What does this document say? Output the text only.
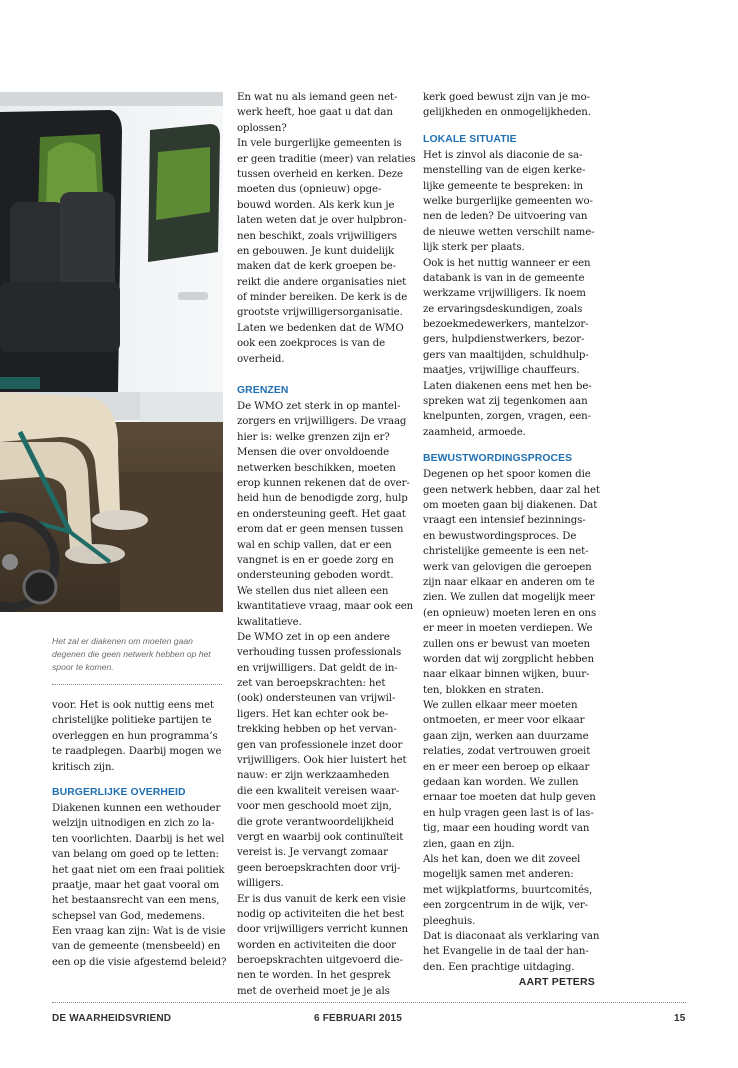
Het zal er diakenen om moeten gaan
degenen die geen netwerk hebben op het
spoor te komen.
voor. Het is ook nuttig eens met
christelijke politieke partijen te
overleggen en hun programma’s
te raadplegen. Daarbij mogen we
kritisch zijn.
BURGERLIJKE OVERHEID
Diakenen kunnen een wethouder
welzijn uitnodigen en zich zo la-
ten voorlichten. Daarbij is het wel
van belang om goed op te letten:
het gaat niet om een fraai politiek
praatje, maar het gaat vooral om
het bestaansrecht van een mens,
schepsel van God, medemens.
Een vraag kan zijn: Wat is de visie
van de gemeente (mensbeeld) en
een op die visie afgestemd beleid?
En wat nu als iemand geen net-
werk heeft, hoe gaat u dat dan
oplossen?
In vele burgerlijke gemeenten is
er geen traditie (meer) van relaties
tussen overheid en kerken. Deze
moeten dus (opnieuw) opge-
bouwd worden. Als kerk kun je
laten weten dat je over hulpbron-
nen beschikt, zoals vrijwilligers
en gebouwen. Je kunt duidelijk
maken dat de kerk groepen be-
reikt die andere organisaties niet
of minder bereiken. De kerk is de
grootste vrijwilligersorganisatie.
Laten we bedenken dat de WMO
ook een zoekproces is van de
overheid.
GRENZEN
De WMO zet sterk in op mantel-
zorgers en vrijwilligers. De vraag
hier is: welke grenzen zijn er?
Mensen die over onvoldoende
netwerken beschikken, moeten
erop kunnen rekenen dat de over-
heid hun de benodigde zorg, hulp
en ondersteuning geeft. Het gaat
erom dat er geen mensen tussen
wal en schip vallen, dat er een
vangnet is en er goede zorg en
ondersteuning geboden wordt.
We stellen dus niet alleen een
kwantitatieve vraag, maar ook een
kwalitatieve.
De WMO zet in op een andere
verhouding tussen professionals
en vrijwilligers. Dat geldt de in-
zet van beroepskrachten: het
(ook) ondersteunen van vrijwil-
ligers. Het kan echter ook be-
trekking hebben op het vervan-
gen van professionele inzet door
vrijwilligers. Ook hier luistert het
nauw: er zijn werkzaamheden
die een kwaliteit vereisen waar-
voor men geschoold moet zijn,
die grote verantwoordelijkheid
vergt en waarbij ook continuïteit
vereist is. Je vervangt zomaar
geen beroepskrachten door vrij-
willigers.
Er is dus vanuit de kerk een visie
nodig op activiteiten die het best
door vrijwilligers verricht kunnen
worden en activiteiten die door
beroepskrachten uitgevoerd die-
nen te worden. In het gesprek
met de overheid moet je je als
kerk goed bewust zijn van je mo-
gelijkheden en onmogelijkheden.
LOKALE SITUATIE
Het is zinvol als diaconie de sa-
menstelling van de eigen kerke-
lijke gemeente te bespreken: in
welke burgerlijke gemeenten wo-
nen de leden? De uitvoering van
de nieuwe wetten verschilt name-
lijk sterk per plaats.
Ook is het nuttig wanneer er een
databank is van in de gemeente
werkzame vrijwilligers. Ik noem
ze ervaringsdeskundigen, zoals
bezoekmedewerkers, mantelzor-
gers, hulpdienstwerkers, bezor-
gers van maaltijden, schuldhulp-
maatjes, vrijwillige chauffeurs.
Laten diakenen eens met hen be-
spreken wat zij tegenkomen aan
knelpunten, zorgen, vragen, een-
zaamheid, armoede.
BEWUSTWORDINGSPROCES
Degenen op het spoor komen die
geen netwerk hebben, daar zal het
om moeten gaan bij diakenen. Dat
vraagt een intensief bezinnings-
en bewustwordingsproces. De
christelijke gemeente is een net-
werk van gelovigen die geroepen
zijn naar elkaar en anderen om te
zien. We zullen dat mogelijk meer
(en opnieuw) moeten leren en ons
er meer in moeten verdiepen. We
zullen ons er bewust van moeten
worden dat wij zorgplicht hebben
naar elkaar binnen wijken, buur-
ten, blokken en straten.
We zullen elkaar meer moeten
ontmoeten, er meer voor elkaar
gaan zijn, werken aan duurzame
relaties, zodat vertrouwen groeit
en er meer een beroep op elkaar
gedaan kan worden. We zullen
ernaar toe moeten dat hulp geven
en hulp vragen geen last is of las-
tig, maar een houding wordt van
zien, gaan en zijn.
Als het kan, doen we dit zoveel
mogelijk samen met anderen:
met wijkplatforms, buurtcomités,
een zorgcentrum in de wijk, ver-
pleeghuis.
Dat is diaconaat als verklaring van
het Evangelie in de taal der han-
den. Een prachtige uitdaging.
AART PETERS
DE WAARHEIDSVRIEND	6 FEBRUARI 2015	15
